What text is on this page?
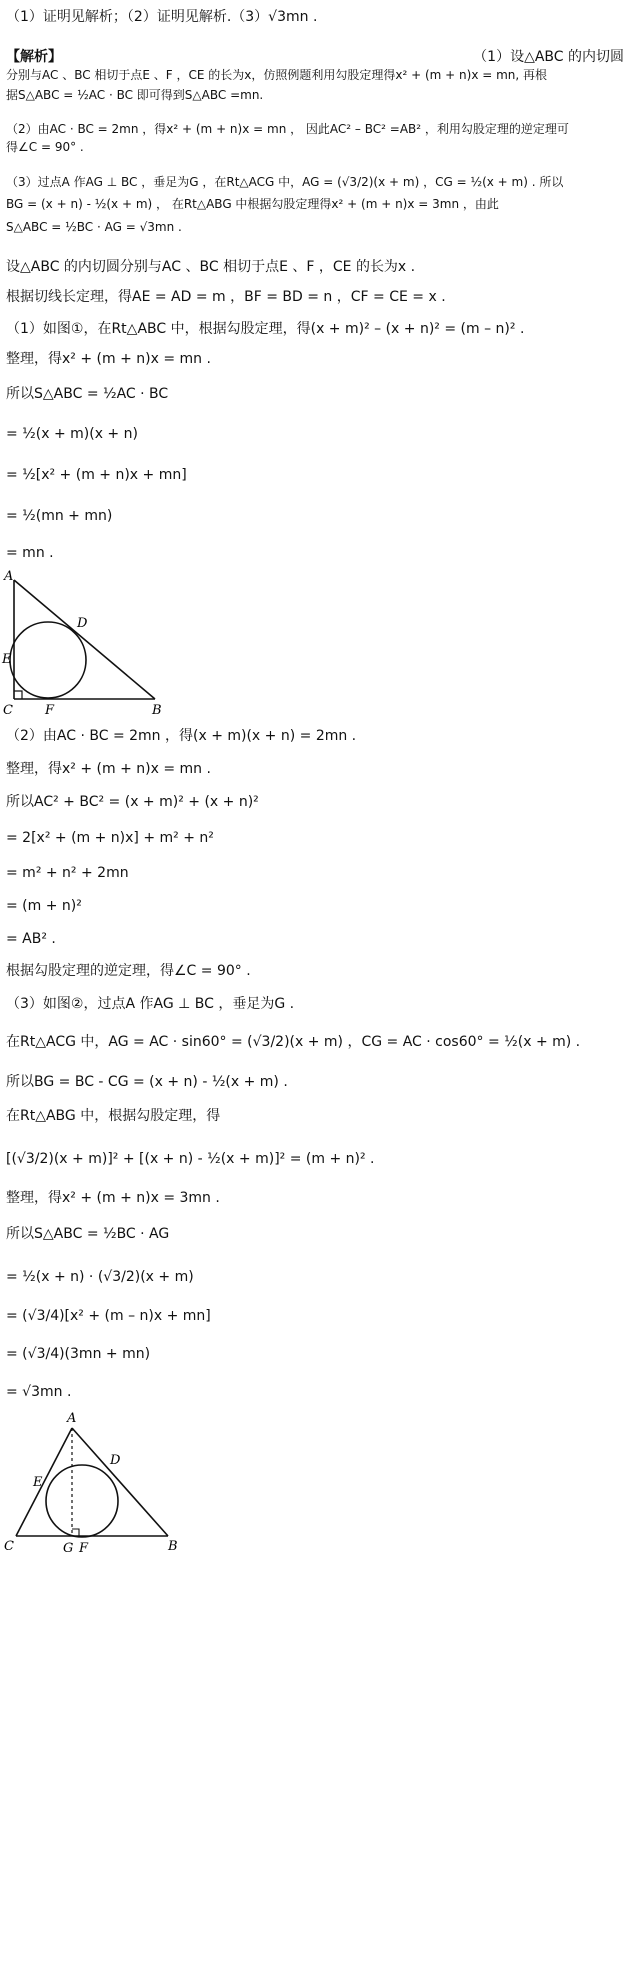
（1）证明见解析；（2）证明见解析.（3）√3mn .
【解析】	（1）设△ABC 的内切圆
分别与AC 、BC 相切于点E 、F ，CE 的长为x，仿照例题利用勾股定理得x² + (m + n)x = mn, 再根
据S△ABC = ½AC · BC 即可得到S△ABC =mn.
（2）由AC · BC = 2mn ，得x² + (m + n)x = mn ， 因此AC² – BC² =AB² ，利用勾股定理的逆定理可
得∠C = 90° .
（3）过点A 作AG ⊥ BC ，垂足为G ，在Rt△ACG 中，AG = (√3/2)(x + m) ，CG = ½(x + m) . 所以
BG = (x + n) - ½(x + m) ， 在Rt△ABG 中根据勾股定理得x² + (m + n)x = 3mn ，由此
S△ABC = ½BC · AG = √3mn .
设△ABC 的内切圆分别与AC 、BC 相切于点E 、F ，CE 的长为x .
根据切线长定理，得AE = AD = m ，BF = BD = n ，CF = CE = x .
（1）如图①，在Rt△ABC 中，根据勾股定理，得(x + m)² – (x + n)² = (m – n)² .
整理，得x² + (m + n)x = mn .
所以S△ABC = ½AC · BC
= ½(x + m)(x + n)
= ½[x² + (m + n)x + mn]
= ½(mn + mn)
= mn .
A
D
E
C F	B
（2）由AC · BC = 2mn ，得(x + m)(x + n) = 2mn .
整理，得x² + (m + n)x = mn .
所以AC² + BC² = (x + m)² + (x + n)²
= 2[x² + (m + n)x] + m² + n²
= m² + n² + 2mn
= (m + n)²
= AB² .
根据勾股定理的逆定理，得∠C = 90° .
（3）如图②，过点A 作AG ⊥ BC ，垂足为G .
在Rt△ACG 中，AG = AC · sin60° = (√3/2)(x + m) ，CG = AC · cos60° = ½(x + m) .
所以BG = BC - CG = (x + n) - ½(x + m) .
在Rt△ABG 中，根据勾股定理，得
[(√3/2)(x + m)]² + [(x + n) - ½(x + m)]² = (m + n)² .
整理，得x² + (m + n)x = 3mn .
所以S△ABC = ½BC · AG
= ½(x + n) · (√3/2)(x + m)
= (√3/4)[x² + (m – n)x + mn]
= (√3/4)(3mn + mn)
= √3mn .
A
E
D
C	G F	B
